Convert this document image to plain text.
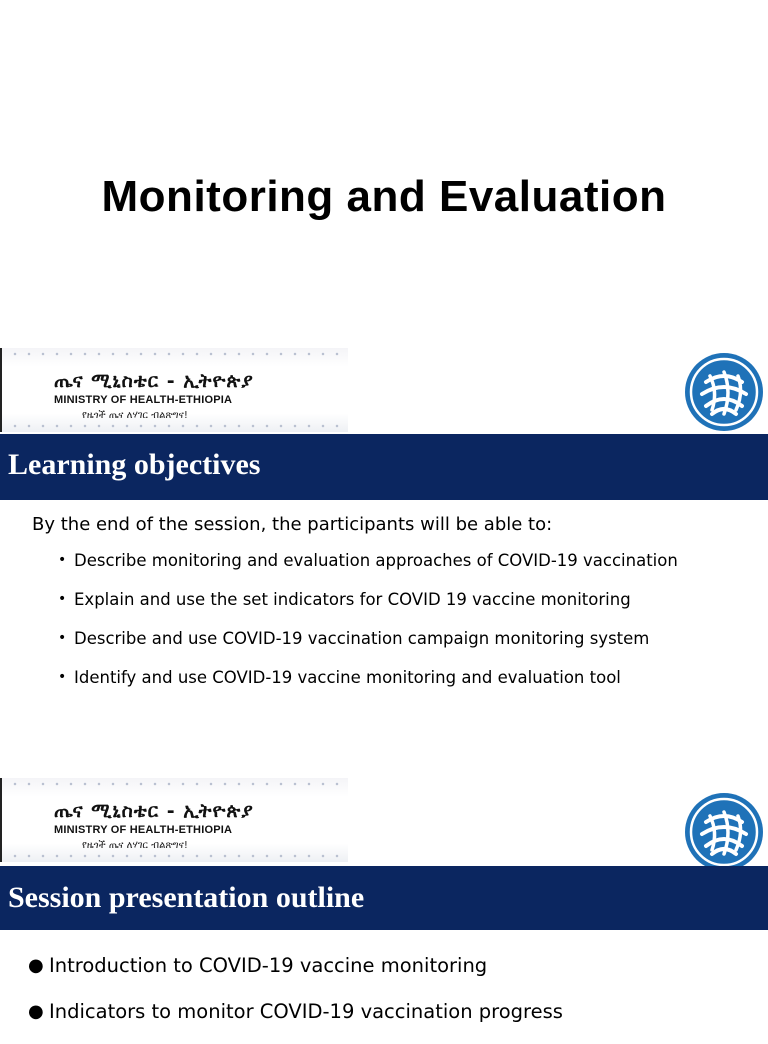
Monitoring and Evaluation
ጤና ሚኒስቴር - ኢትዮጵያ
MINISTRY OF HEALTH-ETHIOPIA
የዜጎች ጤና ለሃገር ብልጽግና!
Learning objectives
By the end of the session, the participants will be able to:
• Describe monitoring and evaluation approaches of COVID-19 vaccination
• Explain and use the set indicators for COVID 19 vaccine monitoring
• Describe and use COVID-19 vaccination campaign monitoring system
• Identify and use COVID-19 vaccine monitoring and evaluation tool
ጤና ሚኒስቴር - ኢትዮጵያ
MINISTRY OF HEALTH-ETHIOPIA
የዜጎች ጤና ለሃገር ብልጽግና!
Session presentation outline
● Introduction to COVID-19 vaccine monitoring
● Indicators to monitor COVID-19 vaccination progress
